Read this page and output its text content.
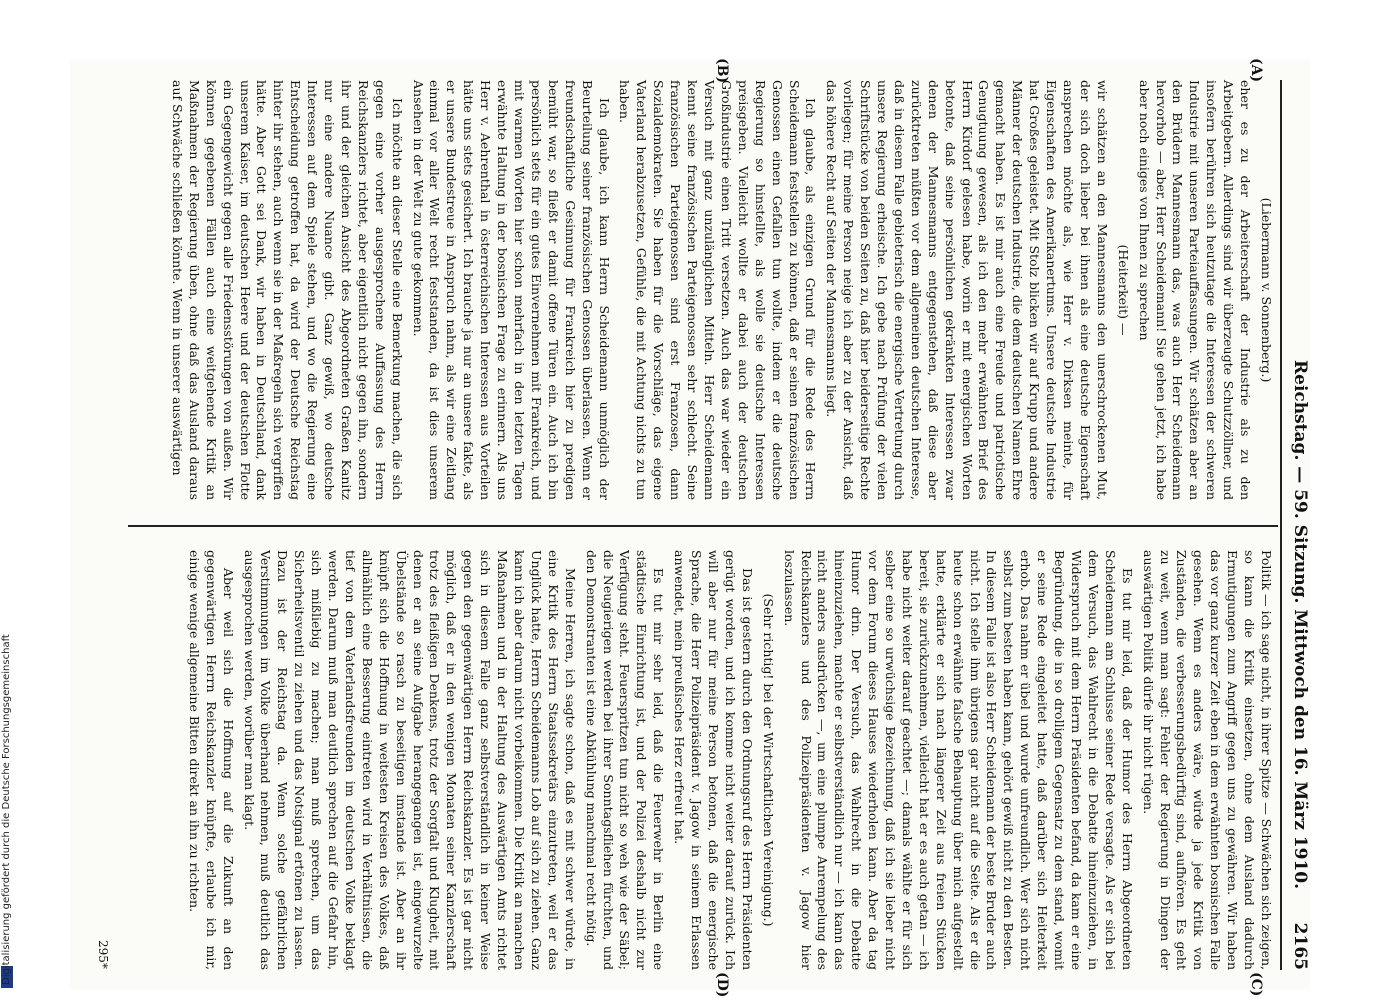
Digitalisierung gefördert durch die Deutsche Forschungsgemeinschaft	Reichstag. — 59. Sitzung. Mittwoch den 16. März 1910.
2165
(A)
(B)
(C)
(D)

(Liebermann v. Sonnenberg.)

eher es zu der Arbeiterschaft der Industrie als zu den Arbeitgebern. Allerdings sind wir überzeugte Schutzzöllner, und insofern berühren sich heutzutage die Interessen der schweren Industrie mit unseren Parteiauffassungen. Wir schätzen aber an den Brüdern Mannesmann das, was auch Herr Scheidemann hervorhob — aber, Herr Scheidemann! Sie gehen jetzt, ich habe aber noch einiges von Ihnen zu sprechen

(Heiterkeit) —

wir schätzen an den Mannesmanns den unerschrockenen Mut, der sich doch lieber bei ihnen als eine deutsche Eigenschaft ansprechen möchte als, wie Herr v. Dirksen meinte, für Eigenschaften des Amerikanertums. Unsere deutsche Industrie hat Großes geleistet. Mit Stolz blicken wir auf Krupp und andere Männer der deutschen Industrie, die dem deutschen Namen Ehre gemacht haben. Es ist mir auch eine Freude und patriotische Genugtuung gewesen, als ich den mehr erwähnten Brief des Herrn Kirdorf gelesen habe, worin er mit energischen Worten betonte, daß seine persönlichen gekränkten Interessen zwar denen der Mannesmanns entgegenstehen, daß diese aber zurücktreten müßten vor dem allgemeinen deutschen Interesse, daß in diesem Falle gebieterisch die energische Vertretung durch unsere Regierung erheische. Ich gebe nach Prüfung der vielen Schriftstücke von beiden Seiten zu, daß hier beiderseitige Rechte vorliegen; für meine Person neige ich aber zu der Ansicht, daß das höhere Recht auf Seiten der Mannesmanns liegt.

Ich glaube, als einzigen Grund für die Rede des Herrn Scheidemann feststellen zu können, daß er seinen französischen Genossen einen Gefallen tun wollte, indem er die deutsche Regierung so hinstellte, als wolle sie deutsche Interessen preisgeben. Vielleicht wollte er dabei auch der deutschen Großindustrie einen Tritt versetzen. Auch das war wieder ein Versuch mit ganz unzulänglichen Mitteln. Herr Scheidemann kennt seine französischen Parteigenossen sehr schlecht. Seine französischen Parteigenossen sind erst Franzosen, dann Sozialdemokraten. Sie haben für die Vorschläge, das eigene Vaterland herabzusetzen, Gefühle, die mit Achtung nichts zu tun haben.

Ich glaube, ich kann Herrn Scheidemann unmöglich der Beurteilung seiner französischen Genossen überlassen. Wenn er freundschaftliche Gesinnung für Frankreich hier zu predigen bemüht war, so fließt er damit offene Türen ein. Auch ich bin persönlich stets für ein gutes Einvernehmen mit Frankreich, und mit warmen Worten hier schon mehrfach in den letzten Tagen erwähnte Haltung in der bosnischen Frage zu erinnern. Als uns Herr v. Aehrenthal in österreichischen Interessen aus Vorteilen hätte uns stets gesichert. Ich brauche ja nur an unsere fakte, als er unsere Bundestreue in Anspruch nahm, als wir eine Zeitlang einmal vor aller Welt recht feststanden, da ist dies unserem Ansehen in der Welt zu gute gekommen.

Ich möchte an dieser Stelle eine Bemerkung machen, die sich gegen eine vorher ausgesprochene Auffassung des Herrn Reichskanzlers richtet, aber eigentlich nicht gegen ihn, sondern ihr und der gleichen Ansicht des Abgeordneten Graßen Kanitz nur eine andere Nuance gibt. Ganz gewiß, wo deutsche Interessen auf dem Spiele stehen, und wo die Regierung eine Entscheidung getroffen hat, da wird der Deutsche Reichstag hinter ihr stehen, auch wenn sie in der Maßregeln sich vergriffen hätte. Aber Gott sei Dank, wir haben in Deutschland, dank unserem Kaiser, im deutschen Heere und der deutschen Flotte ein Gegengewicht gegen alle Friedensstörungen von außen. Wir können gegebenen Fällen auch eine weitgehende Kritik an Maßnahmen der Regierung üben, ohne daß das Ausland daraus auf Schwäche schließen könnte. Wenn in unserer auswärtigen

Politik — ich sage nicht, in ihrer Spitze — Schwächen sich zeigen, so kann die Kritik einsetzen, ohne dem Ausland dadurch Ermutigungen zum Angriff gegen uns zu gewähren. Wir haben das vor ganz kurzer Zeit eben in dem erwähnten bosnischen Falle gesehen. Wenn es anders wäre, würde ja jede Kritik von Zuständen, die verbesserungsbedürftig sind, aufhören. Es geht zu weit, wenn man sagt: Fehler der Regierung in Dingen der auswärtigen Politik dürfe ihr nicht rügen.

Es tut mir leid, daß der Humor des Herrn Abgeordneten Scheidemann am Schlusse seiner Rede versagte. Als er sich bei dem Versuch, das Wahlrecht in die Debatte hineinzuziehen, in Widerspruch mit dem Herrn Präsidenten befand, da kam er eine Begründung, die in so drolligem Gegensatz zu dem stand, womit er seine Rede eingeleitet hatte, daß darüber sich Heiterkeit erhob. Das nahm er übel und wurde unfreundlich. Wer sich nicht selbst zum besten haben kann, gehört gewiß nicht zu den Besten. In diesem Falle ist also Herr Scheidemann der beste Bruder auch nicht. Ich stelle ihm übrigens gar nicht auf die Seite. Als er die heute schon erwähnte falsche Behauptung über mich aufgestellt hatte, erklärte er sich nach längerer Zeit aus freien Stücken bereit, sie zurückzunehmen, vielleicht hat er es auch getan — ich habe nicht weiter darauf geachtet —; damals wählte er für sich selber eine so urwüchsige Bezeichnung, daß ich sie lieber nicht vor dem Forum dieses Hauses wiederholen kann. Aber da tag Humor drin. Der Versuch, das Wahlrecht in die Debatte hineinzuziehen, machte er selbstverständlich nur — ich kann das nicht anders ausdrücken —, um eine plumpe Anrempelung des Reichskanzlers und des Polizeipräsidenten v. Jagow hier loszulassen.

(Sehr richtig! bei der Wirtschaftlichen Vereinigung.)

Das ist gestern durch den Ordnungsruf des Herrn Präsidenten gerügt worden, und ich komme nicht weiter darauf zurück. Ich will aber nur für meine Person betonen, daß die energische Sprache, die Herr Polizeipräsident v. Jagow in seinem Erlassen anwendet, mein preußisches Herz erfreut hat.

Es tut mir sehr leid, daß die Feuerwehr in Berlin eine städtische Einrichtung ist, und der Polizei deshalb nicht zur Verfügung steht. Feuerspritzen tun nicht so weh wie der Säbel; die Neugierigen werden bei ihrer Sonntagsfliehen fürchten, und den Demonstranten ist eine Abkühlung manchmal recht nötig.

Meine Herren, ich sagte schon, daß es mit schwer würde, in eine Kritik des Herrn Staatssekretärs einzutreten, weil er das Unglück hatte, Herrn Scheidemanns Lob auf sich zu ziehen. Ganz kann ich aber darum nicht vorbeikommen. Die Kritik an manchen Maßnahmen und in der Haltung des Auswärtigen Amts richtet sich in diesem Falle ganz selbstverständlich in keiner Weise gegen den gegenwärtigen Herrn Reichskanzler. Es ist gar nicht möglich, daß er in den wenigen Monaten seiner Kanzlerschaft trotz des fleißigen Denkens, trotz der Sorgfalt und Klugheit, mit denen er an seine Aufgabe herangegangen ist, eingewurzelte Übelstände so rasch zu beseitigen imstande ist. Aber an ihr knüpft sich die Hoffnung in weitesten Kreisen des Volkes, daß allmählich eine Besserung eintreten wird in Verhältnissen, die tief von dem Vaterlandsfreunden im deutschen Volke beklagt werden. Darum muß man deutlich sprechen auf die Gefahr hin, sich mißliebig zu machen; man muß sprechen, um das Sicherheitsventil zu ziehen und das Notsignal ertönen zu lassen. Dazu ist der Reichstag da. Wenn solche gefährlichen Verstimmungen im Volke überhand nehmen, muß deutlich das ausgesprochen werden, worüber man klagt.

Aber weil sich die Hoffnung auf die Zukunft an den gegenwärtigen Herrn Reichskanzler knüpfte, erlaube ich mir, einige wenige allgemeine Bitten direkt an ihn zu richten.

295*
